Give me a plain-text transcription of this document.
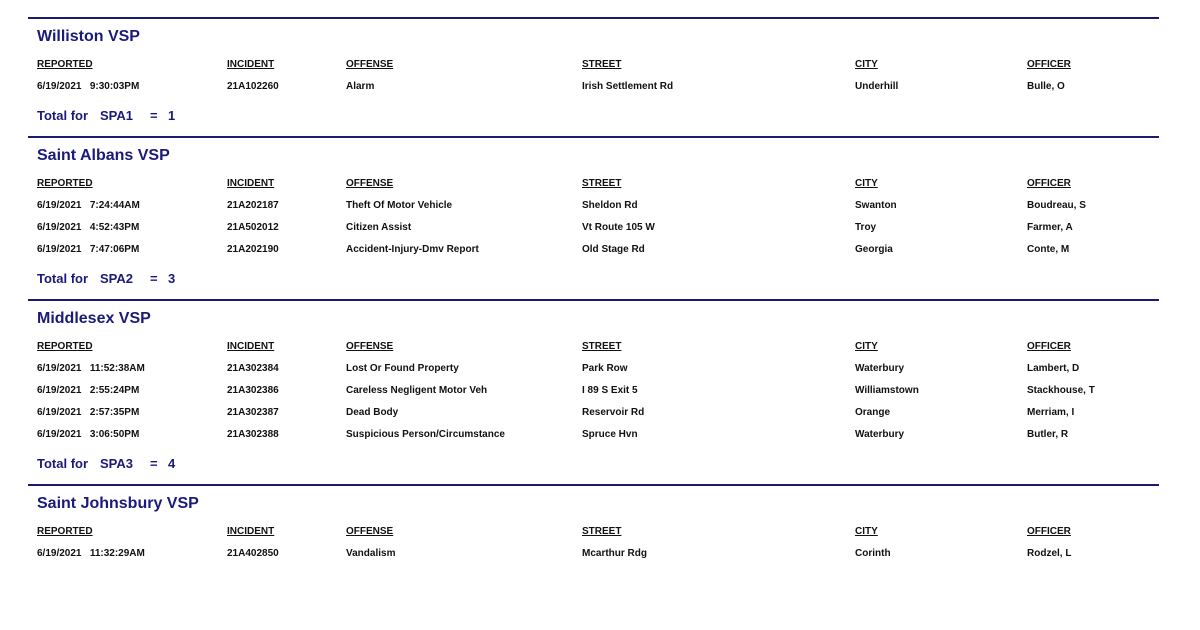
Williston VSP
REPORTED	INCIDENT	OFFENSE	STREET	CITY	OFFICER
6/19/2021   9:30:03PM	21A102260	Alarm	Irish Settlement Rd	Underhill	Bulle, O
Total for SPA1 = 1
Saint Albans VSP
REPORTED	INCIDENT	OFFENSE	STREET	CITY	OFFICER
6/19/2021   7:24:44AM	21A202187	Theft Of Motor Vehicle	Sheldon Rd	Swanton	Boudreau, S
6/19/2021   4:52:43PM	21A502012	Citizen Assist	Vt Route 105 W	Troy	Farmer, A
6/19/2021   7:47:06PM	21A202190	Accident-Injury-Dmv Report	Old Stage Rd	Georgia	Conte, M
Total for SPA2 = 3
Middlesex VSP
REPORTED	INCIDENT	OFFENSE	STREET	CITY	OFFICER
6/19/2021   11:52:38AM	21A302384	Lost Or Found Property	Park Row	Waterbury	Lambert, D
6/19/2021   2:55:24PM	21A302386	Careless Negligent Motor Veh	I 89 S Exit 5	Williamstown	Stackhouse, T
6/19/2021   2:57:35PM	21A302387	Dead Body	Reservoir Rd	Orange	Merriam, I
6/19/2021   3:06:50PM	21A302388	Suspicious Person/Circumstance	Spruce Hvn	Waterbury	Butler, R
Total for SPA3 = 4
Saint Johnsbury VSP
REPORTED	INCIDENT	OFFENSE	STREET	CITY	OFFICER
6/19/2021   11:32:29AM	21A402850	Vandalism	Mcarthur Rdg	Corinth	Rodzel, L
